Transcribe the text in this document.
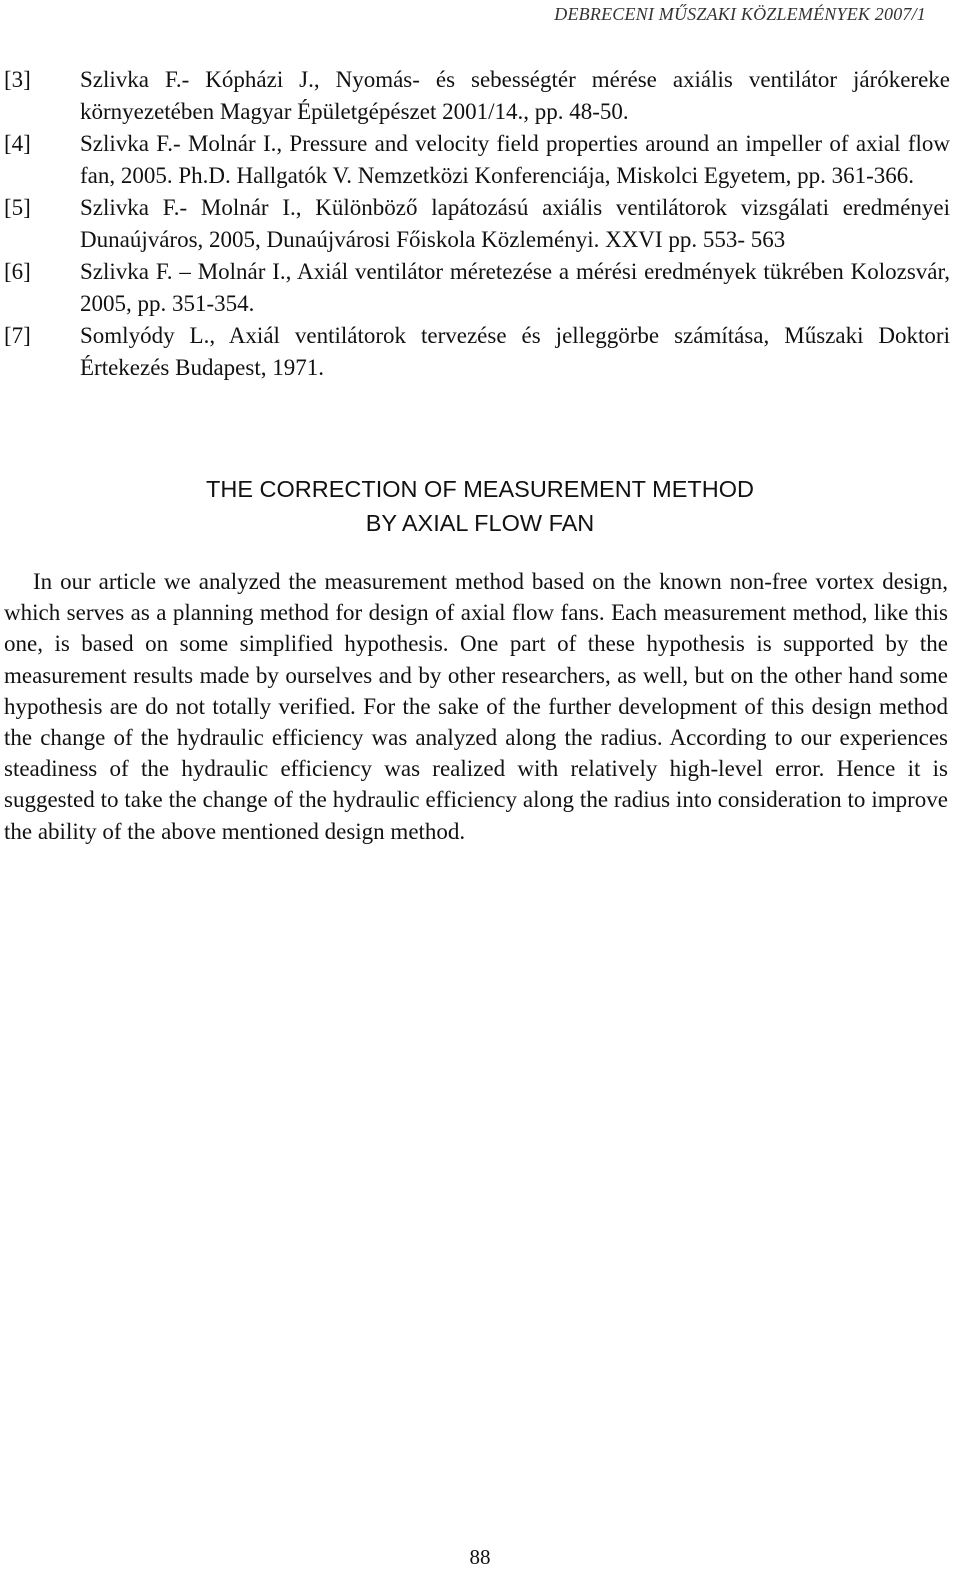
DEBRECENI MŰSZAKI KÖZLEMÉNYEK 2007/1
[3]	Szlivka F.- Kópházi J., Nyomás- és sebességtér mérése axiális ventilátor járókereke környezetében Magyar Épületgépészet 2001/14., pp. 48-50.
[4]	Szlivka F.- Molnár I., Pressure and velocity field properties around an impeller of axial flow fan, 2005. Ph.D. Hallgatók V. Nemzetközi Konferenciája, Miskolci Egyetem, pp. 361-366.
[5]	Szlivka F.- Molnár I., Különböző lapátozású axiális ventilátorok vizsgálati eredményei Dunaújváros, 2005, Dunaújvárosi Főiskola Közleményi. XXVI pp. 553- 563
[6]	Szlivka F. – Molnár I., Axiál ventilátor méretezése a mérési eredmények tükrében Kolozsvár, 2005, pp. 351-354.
[7]	Somlyódy L., Axiál ventilátorok tervezése és jelleggörbe számítása, Műszaki Doktori Értekezés Budapest, 1971.
THE CORRECTION OF MEASUREMENT METHOD
BY AXIAL FLOW FAN

In our article we analyzed the measurement method based on the known non-free vortex design, which serves as a planning method for design of axial flow fans. Each measurement method, like this one, is based on some simplified hypothesis. One part of these hypothesis is supported by the measurement results made by ourselves and by other researchers, as well, but on the other hand some hypothesis are do not totally verified. For the sake of the further development of this design method the change of the hydraulic efficiency was analyzed along the radius. According to our experiences steadiness of the hydraulic efficiency was realized with relatively high-level error. Hence it is suggested to take the change of the hydraulic efficiency along the radius into consideration to improve the ability of the above mentioned design method.

88
